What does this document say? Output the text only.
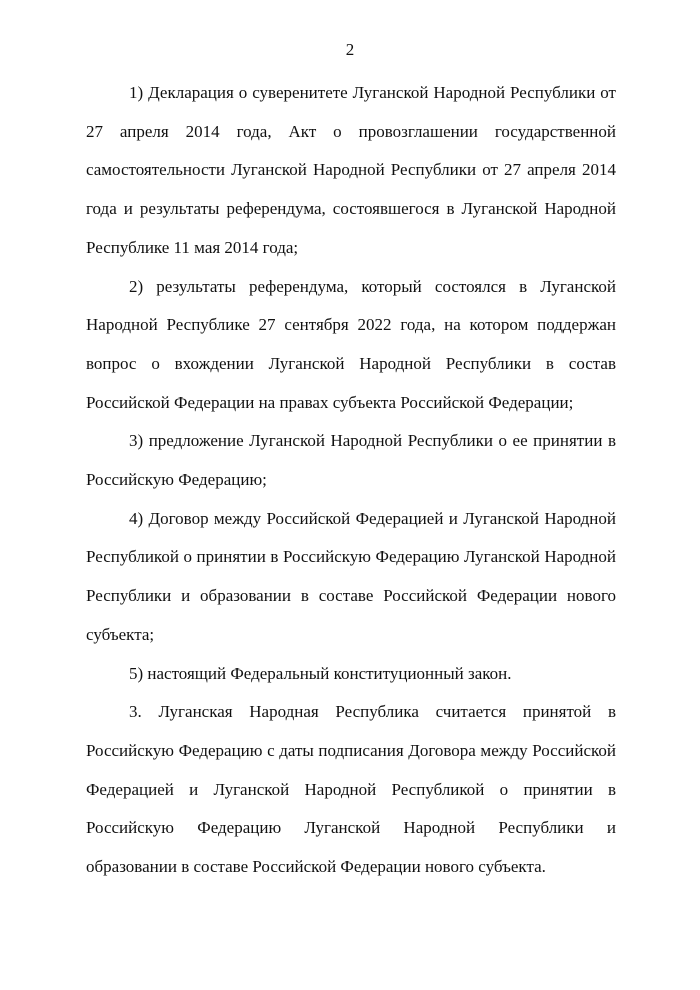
2

1) Декларация о суверенитете Луганской Народной Республики от 27 апреля 2014 года, Акт о провозглашении государственной самостоятельности Луганской Народной Республики от 27 апреля 2014 года и результаты референдума, состоявшегося в Луганской Народной Республике 11 мая 2014 года;

2) результаты референдума, который состоялся в Луганской Народной Республике 27 сентября 2022 года, на котором поддержан вопрос о вхождении Луганской Народной Республики в состав Российской Федерации на правах субъекта Российской Федерации;

3) предложение Луганской Народной Республики о ее принятии в Российскую Федерацию;

4) Договор между Российской Федерацией и Луганской Народной Республикой о принятии в Российскую Федерацию Луганской Народной Республики и образовании в составе Российской Федерации нового субъекта;

5) настоящий Федеральный конституционный закон.

3. Луганская Народная Республика считается принятой в Российскую Федерацию с даты подписания Договора между Российской Федерацией и Луганской Народной Республикой о принятии в Российскую Федерацию Луганской Народной Республики и образовании в составе Российской Федерации нового субъекта.
